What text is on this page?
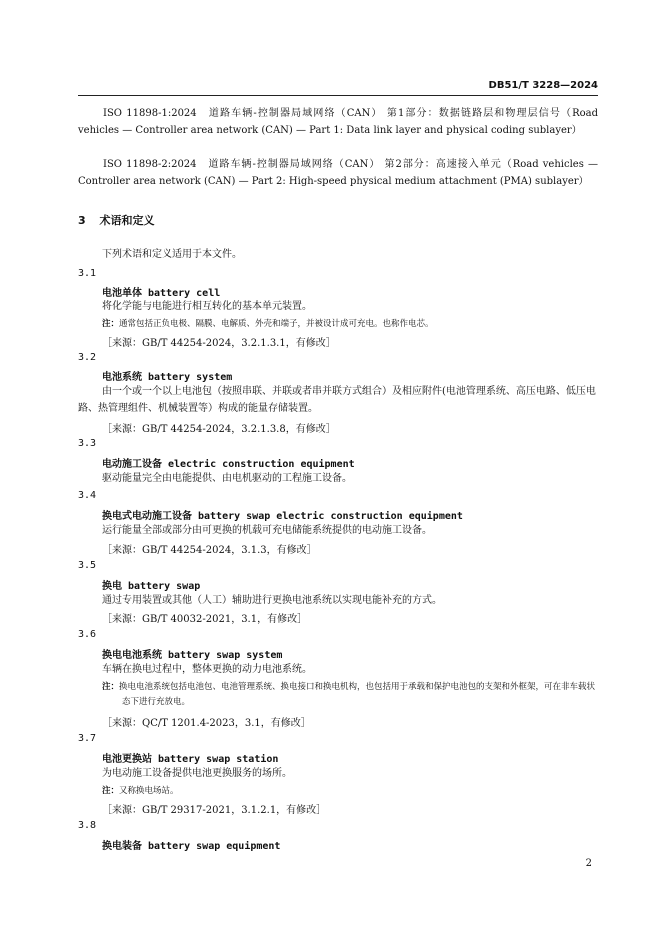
DB51/T 3228—2024
ISO 11898-1:2024　道路车辆-控制器局域网络（CAN） 第1部分：数据链路层和物理层信号（Road vehicles — Controller area network (CAN) — Part 1: Data link layer and physical coding sublayer）
ISO 11898-2:2024　道路车辆-控制器局域网络（CAN） 第2部分：高速接入单元（Road vehicles — Controller area network (CAN) — Part 2: High-speed physical medium attachment (PMA) sublayer）
3 术语和定义
下列术语和定义适用于本文件。
3.1
电池单体 battery cell
将化学能与电能进行相互转化的基本单元装置。
注：通常包括正负电极、隔膜、电解质、外壳和端子，并被设计成可充电。也称作电芯。
［来源：GB/T 44254-2024，3.2.1.3.1，有修改］
3.2
电池系统 battery system
由一个或一个以上电池包（按照串联、并联或者串并联方式组合）及相应附件(电池管理系统、高压电路、低压电路、热管理组件、机械装置等）构成的能量存储装置。
［来源：GB/T 44254-2024，3.2.1.3.8，有修改］
3.3
电动施工设备 electric construction equipment
驱动能量完全由电能提供、由电机驱动的工程施工设备。
3.4
换电式电动施工设备 battery swap electric construction equipment
运行能量全部或部分由可更换的机载可充电储能系统提供的电动施工设备。
［来源：GB/T 44254-2024，3.1.3，有修改］
3.5
换电 battery swap
通过专用装置或其他（人工）辅助进行更换电池系统以实现电能补充的方式。
［来源：GB/T 40032-2021，3.1，有修改］
3.6
换电电池系统 battery swap system
车辆在换电过程中，整体更换的动力电池系统。
注：换电电池系统包括电池包、电池管理系统、换电接口和换电机构，也包括用于承载和保护电池包的支架和外框架，可在非车载状态下进行充放电。
［来源：QC/T 1201.4-2023，3.1，有修改］
3.7
电池更换站 battery swap station
为电动施工设备提供电池更换服务的场所。
注：又称换电场站。
［来源：GB/T 29317-2021，3.1.2.1，有修改］
3.8
换电装备 battery swap equipment
2
